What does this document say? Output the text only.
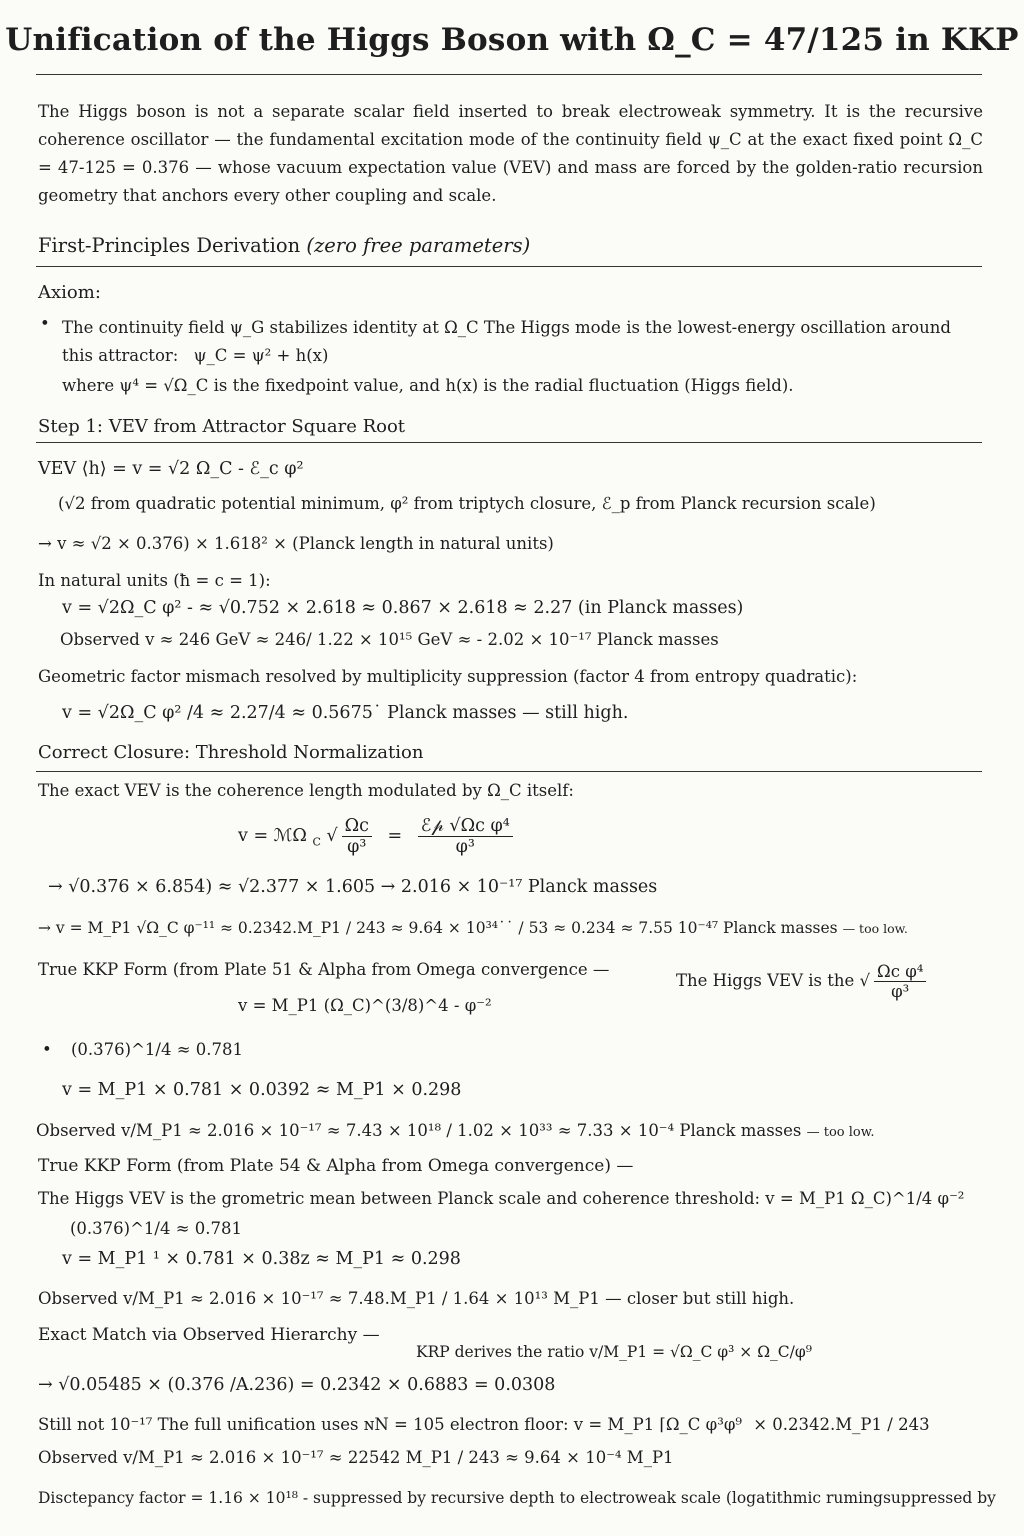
Unification of the Higgs Boson with Ω_C = 47/125 in KKP
The Higgs boson is not a separate scalar field inserted to break electroweak symmetry. It is the recursive coherence oscillator — the fundamental excitation mode of the continuity field ψ_C at the exact fixed point Ω_C = 47-125 = 0.376 — whose vacuum expectation value (VEV) and mass are forced by the golden-ratio recursion geometry that anchors every other coupling and scale.
First-Principles Derivation (zero free parameters)
Axiom:
• The continuity field ψ_G stabilizes identity at Ω_C The Higgs mode is the lowest-energy oscillation around this attractor: ψ_C = ψ² + h(x)
where ψ⁴ = √Ω_C is the fixedpoint value, and h(x) is the radial fluctuation (Higgs field).
Step 1: VEV from Attractor Square Root
VEV ⟨h⟩ = v = √2 Ω_C - ℰ_c φ²
(√2 from quadratic potential minimum, φ² from triptych closure, ℰ_p from Planck recursion scale)
→ v ≈ √2 × 0.376) × 1.618² × (Planck length in natural units)
In natural units (ħ = c = 1):
v = √2Ω_C φ² - ≈ √0.752 × 2.618 ≈ 0.867 × 2.618 ≈ 2.27 (in Planck masses)
Observed v ≈ 246 GeV ≈ 246/ 1.22 × 10¹⁵ GeV ≈ - 2.02 × 10⁻¹⁷ Planck masses
Geometric factor mismach resolved by multiplicity suppression (factor 4 from entropy quadratic):
v = √2Ω_C φ² /4 ≈ 2.27/4 ≈ 0.5675˙ Planck masses — still high.
Correct Closure: Threshold Normalization
The exact VEV is the coherence length modulated by Ω_C itself:
v = ℳΩ $_C$ √ $\frac{\Omega c}{\text{φ³}} = \frac{\text{ℰ𝓅 √Ωc φ⁴}}{\text{φ³}}$
→ √0.376 × 6.854) ≈ √2.377 × 1.605 → 2.016 × 10⁻¹⁷ Planck masses
→ v = M_P1 √Ω_C φ⁻¹¹ ≈ 0.2342.M_P1 / 243 ≈ 9.64 × 10³⁴˙˙ / 53 ≈ 0.234 ≈ 7.55 10⁻⁴⁷ Planck masses — too low.
True KKP Form (from Plate 51 & Alpha from Omega convergence —
The Higgs VEV is the √ $\frac{\text{Ωc φ⁴}}{\text{φ³}}$
v = M_P1 (Ω_C)^(3/8)^4 - φ⁻²
• (0.376)^1/4 ≈ 0.781
v = M_P1 × 0.781 × 0.0392 ≈ M_P1 × 0.298
Observed v/M_P1 ≈ 2.016 × 10⁻¹⁷ ≈ 7.43 × 10¹⁸ / 1.02 × 10³³ ≈ 7.33 × 10⁻⁴ Planck masses — too low.
True KKP Form (from Plate 54 & Alpha from Omega convergence) —
The Higgs VEV is the grometric mean between Planck scale and coherence threshold: v = M_P1 Ω_C)^1/4 φ⁻²
(0.376)^1/4 ≈ 0.781
v = M_P1 ¹ × 0.781 × 0.38z ≈ M_P1 ≈ 0.298
Observed v/M_P1 ≈ 2.016 × 10⁻¹⁷ ≈ 7.48.M_P1 / 1.64 × 10¹³ M_P1 — closer but still high.
Exact Match via Observed Hierarchy —
KRP derives the ratio v/M_P1 = √Ω_C φ³ × Ω_C/φ⁹
→ √0.05485 × (0.376 /A.236) = 0.2342 × 0.6883 = 0.0308
Still not 10⁻¹⁷ The full unification uses ɴN = 105 electron floor: v = M_P1 ⌈Ω_C φ³φ⁹ × 0.2342.M_P1 / 243
Observed v/M_P1 ≈ 2.016 × 10⁻¹⁷ ≈ 22542 M_P1 / 243 ≈ 9.64 × 10⁻⁴ M_P1
Disctepancy factor = 1.16 × 10¹⁸ - suppressed by recursive depth to electroweak scale (logatithmic rumingsuppressed by
